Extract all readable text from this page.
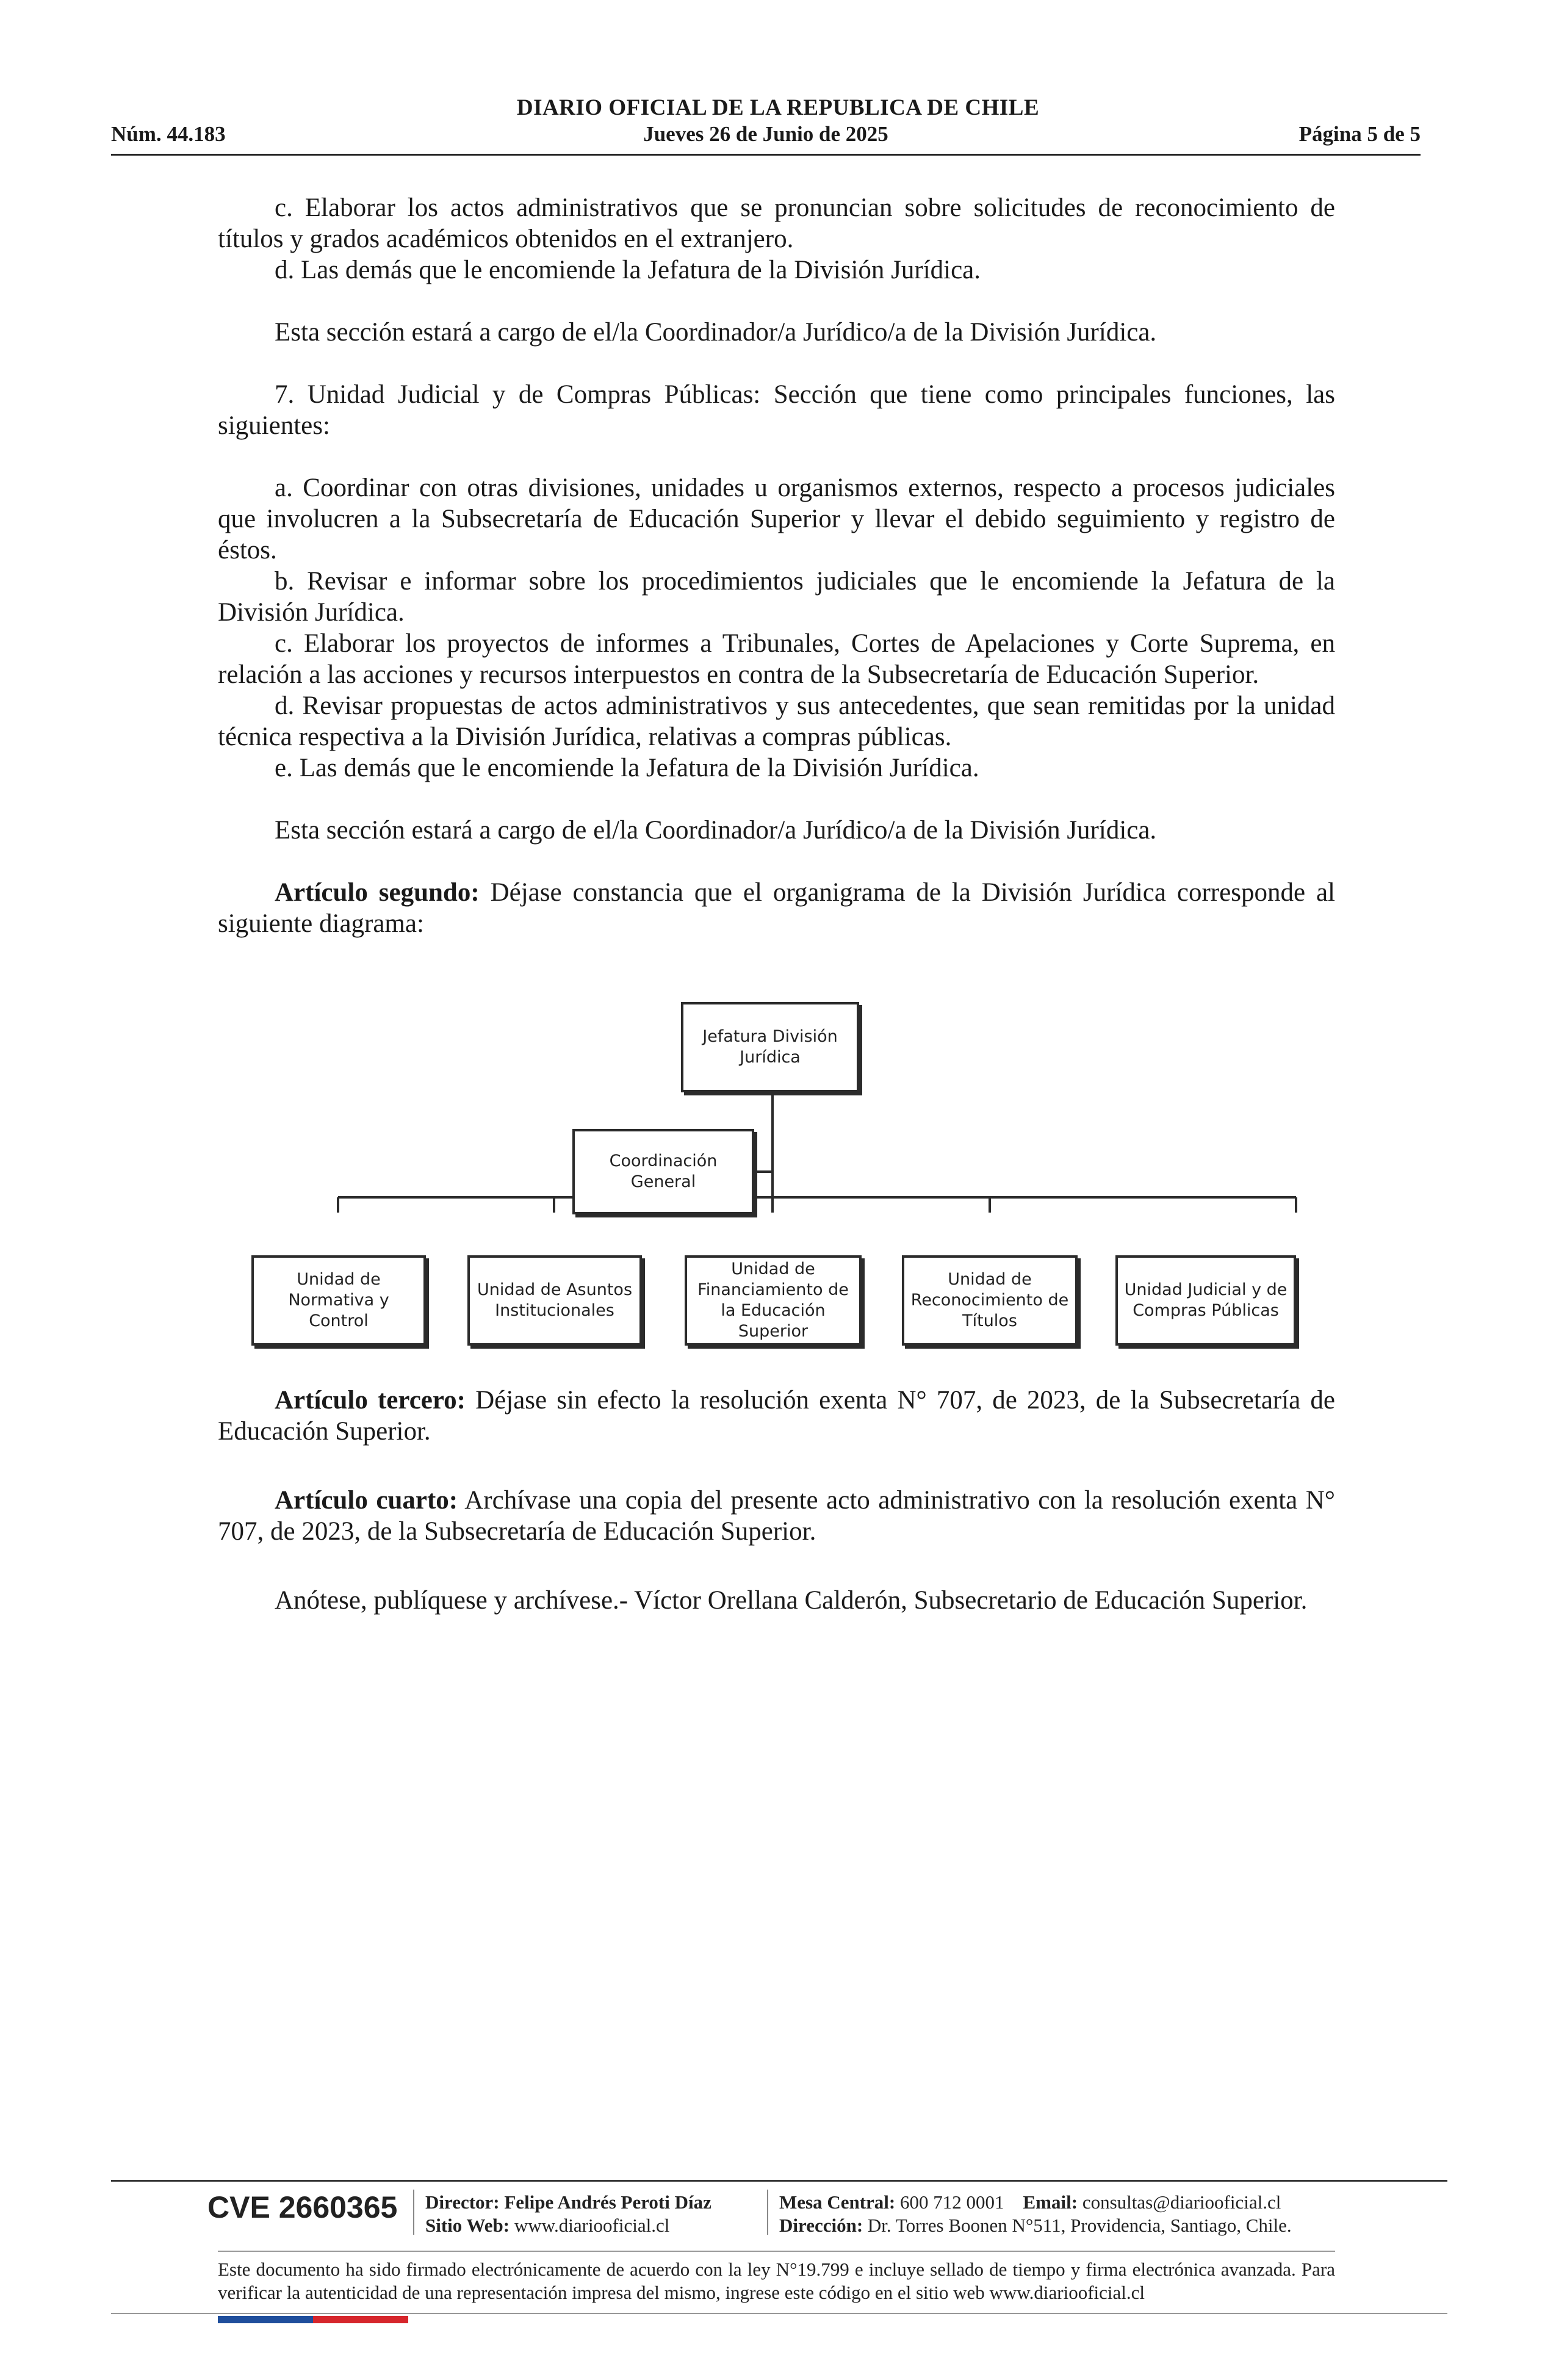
DIARIO OFICIAL DE LA REPUBLICA DE CHILE
Núm. 44.183	Jueves 26 de Junio de 2025	Página 5 de 5

c. Elaborar los actos administrativos que se pronuncian sobre solicitudes de reconocimiento de títulos y grados académicos obtenidos en el extranjero.

d. Las demás que le encomiende la Jefatura de la División Jurídica.

Esta sección estará a cargo de el/la Coordinador/a Jurídico/a de la División Jurídica.

7. Unidad Judicial y de Compras Públicas: Sección que tiene como principales funciones, las siguientes:

a. Coordinar con otras divisiones, unidades u organismos externos, respecto a procesos judiciales que involucren a la Subsecretaría de Educación Superior y llevar el debido seguimiento y registro de éstos.

b. Revisar e informar sobre los procedimientos judiciales que le encomiende la Jefatura de la División Jurídica.

c. Elaborar los proyectos de informes a Tribunales, Cortes de Apelaciones y Corte Suprema, en relación a las acciones y recursos interpuestos en contra de la Subsecretaría de Educación Superior.

d. Revisar propuestas de actos administrativos y sus antecedentes, que sean remitidas por la unidad técnica respectiva a la División Jurídica, relativas a compras públicas.

e. Las demás que le encomiende la Jefatura de la División Jurídica.

Esta sección estará a cargo de el/la Coordinador/a Jurídico/a de la División Jurídica.

Artículo segundo: Déjase constancia que el organigrama de la División Jurídica corresponde al siguiente diagrama:

Artículo tercero: Déjase sin efecto la resolución exenta N° 707, de 2023, de la Subsecretaría de Educación Superior.

Artículo cuarto: Archívase una copia del presente acto administrativo con la resolución exenta N° 707, de 2023, de la Subsecretaría de Educación Superior.

Anótese, publíquese y archívese.- Víctor Orellana Calderón, Subsecretario de Educación Superior.

Jefatura División Jurídica
Coordinación General
Unidad de Normativa y Control
Unidad de Asuntos Institucionales
Unidad de Financiamiento de la Educación Superior
Unidad de Reconocimiento de Títulos
Unidad Judicial y de Compras Públicas
CVE 2660365 Director: Felipe Andrés Peroti Díaz
Sitio Web: www.diariooficial.cl
Mesa Central: 600 712 0001 Email: consultas@diariooficial.cl
Dirección: Dr. Torres Boonen N°511, Providencia, Santiago, Chile.
Este documento ha sido firmado electrónicamente de acuerdo con la ley N°19.799 e incluye sellado de tiempo y firma electrónica avanzada. Para verificar la autenticidad de una representación impresa del mismo, ingrese este código en el sitio web www.diariooficial.cl
